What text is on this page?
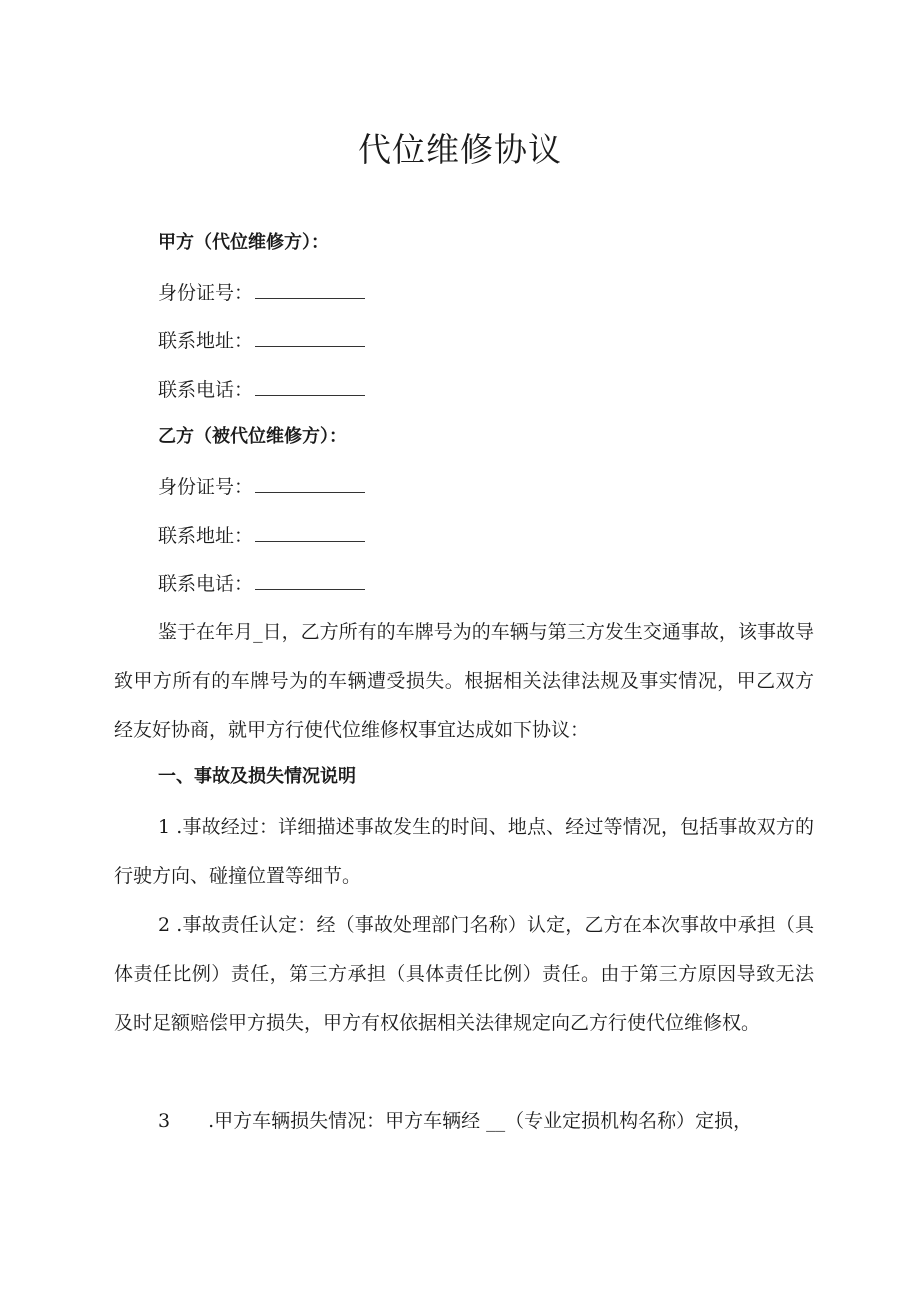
代位维修协议
甲方（代位维修方）：
身份证号：
联系地址：
联系电话：
乙方（被代位维修方）：
身份证号：
联系地址：
联系电话：

鉴于在年月_日，乙方所有的车牌号为的车辆与第三方发生交通事故，该事故导致甲方所有的车牌号为的车辆遭受损失。根据相关法律法规及事实情况，甲乙双方经友好协商，就甲方行使代位维修权事宜达成如下协议：

一、事故及损失情况说明

1 .事故经过：详细描述事故发生的时间、地点、经过等情况，包括事故双方的行驶方向、碰撞位置等细节。

2 .事故责任认定：经（事故处理部门名称）认定，乙方在本次事故中承担（具体责任比例）责任，第三方承担（具体责任比例）责任。由于第三方原因导致无法及时足额赔偿甲方损失，甲方有权依据相关法律规定向乙方行使代位维修权。

3　　.甲方车辆损失情况：甲方车辆经 __（专业定损机构名称）定损，
